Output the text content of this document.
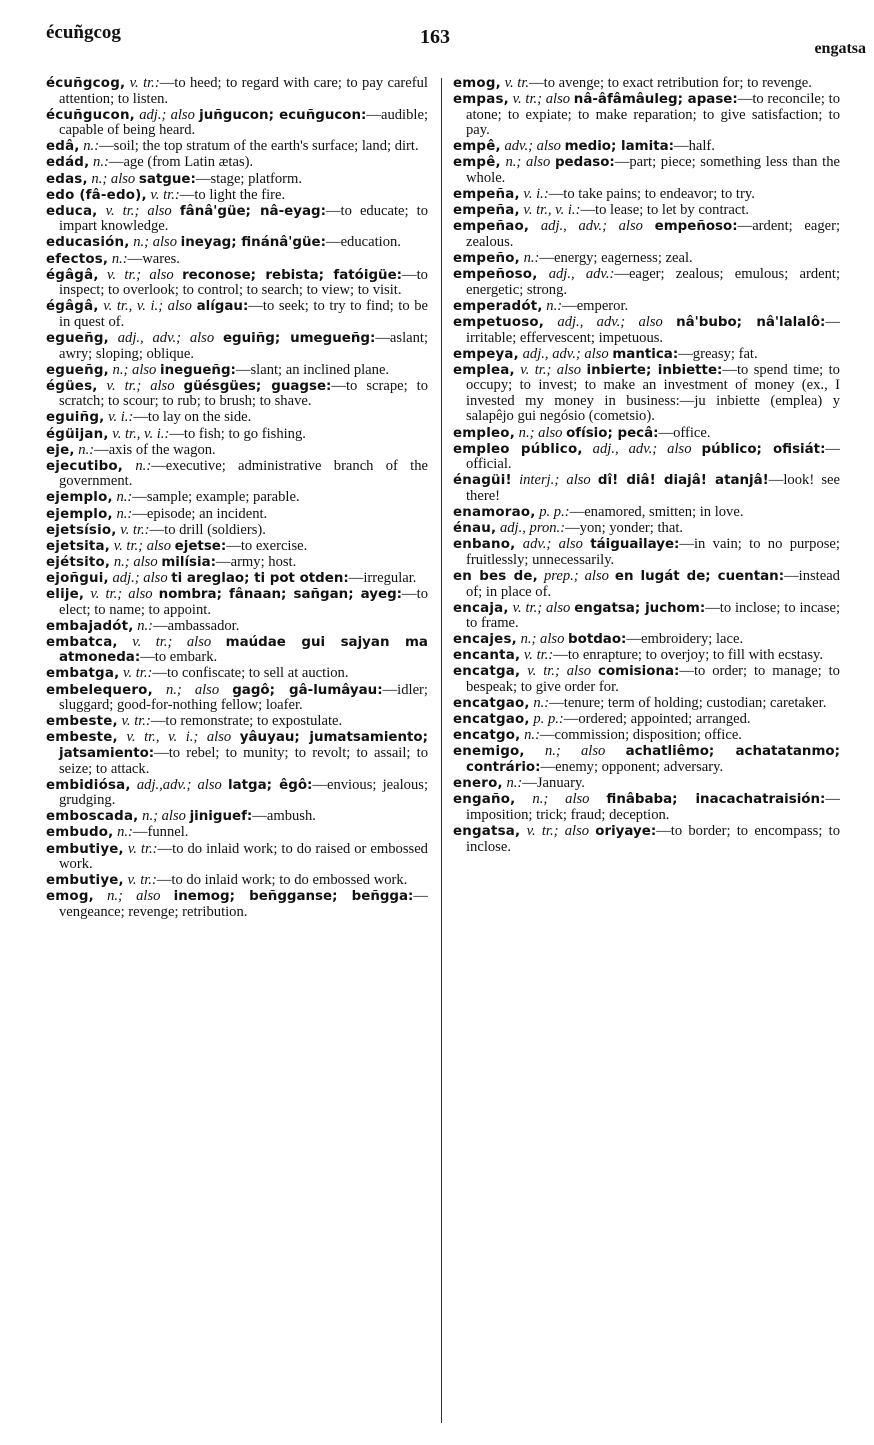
écuñgcog	163
engatsa

écuñgcog, v. tr.:—to heed; to regard with care; to pay careful attention; to listen.

écuñgucon, adj.; also juñgucon; ecuñgucon:—audible; capable of being heard.

edâ, n.:—soil; the top stratum of the earth's surface; land; dirt.

edád, n.:—age (from Latin ætas).

edas, n.; also satgue:—stage; platform.

edo (fâ-edo), v. tr.:—to light the fire.

educa, v. tr.; also fânâ'güe; nâ-eyag:—to educate; to impart knowledge.

educasión, n.; also ineyag; finánâ'güe:—education.

efectos, n.:—wares.

égâgâ, v. tr.; also reconose; rebista; fatóigüe:—to inspect; to overlook; to control; to search; to view; to visit.

égâgâ, v. tr., v. i.; also alígau:—to seek; to try to find; to be in quest of.

egueñg, adj., adv.; also eguiñg; umegueñg:—aslant; awry; sloping; oblique.

egueñg, n.; also inegueñg:—slant; an inclined plane.

égües, v. tr.; also güésgües; guagse:—to scrape; to scratch; to scour; to rub; to brush; to shave.

eguiñg, v. i.:—to lay on the side.

égüijan, v. tr., v. i.:—to fish; to go fishing.

eje, n.:—axis of the wagon.

ejecutibo, n.:—executive; administrative branch of the government.

ejemplo, n.:—sample; example; parable.

ejemplo, n.:—episode; an incident.

ejetsísio, v. tr.:—to drill (soldiers).

ejetsita, v. tr.; also ejetse:—to exercise.

ejétsito, n.; also milísia:—army; host.

ejoñgui, adj.; also ti areglao; ti pot otden:—irregular.

elije, v. tr.; also nombra; fânaan; sañgan; ayeg:—to elect; to name; to appoint.

embajadót, n.:—ambassador.

embatca, v. tr.; also maúdae gui sajyan ma atmoneda:—to embark.

embatga, v. tr.:—to confiscate; to sell at auction.

embelequero, n.; also gagô; gâ-lumâyau:—idler; sluggard; good-for-nothing fellow; loafer.

embeste, v. tr.:—to remonstrate; to expostulate.

embeste, v. tr., v. i.; also yâuyau; jumatsamiento; jatsamiento:—to rebel; to munity; to revolt; to assail; to seize; to attack.

embidiósa, adj.,adv.; also latga; êgô:—envious; jealous; grudging.

emboscada, n.; also jiniguef:—ambush.

embudo, n.:—funnel.

embutiye, v. tr.:—to do inlaid work; to do raised or embossed work.

embutiye, v. tr.:—to do inlaid work; to do embossed work.

emog, n.; also inemog; beñgganse; beñgga:—vengeance; revenge; retribution.

emog, v. tr.—to avenge; to exact retribution for; to revenge.

empas, v. tr.; also nâ-âfâmâuleg; apase:—to reconcile; to atone; to expiate; to make reparation; to give satisfaction; to pay.

empê, adv.; also medio; lamita:—half.

empê, n.; also pedaso:—part; piece; something less than the whole.

empeña, v. i.:—to take pains; to endeavor; to try.

empeña, v. tr., v. i.:—to lease; to let by contract.

empeñao, adj., adv.; also empeñoso:—ardent; eager; zealous.

empeño, n.:—energy; eagerness; zeal.

empeñoso, adj., adv.:—eager; zealous; emulous; ardent; energetic; strong.

emperadót, n.:—emperor.

empetuoso, adj., adv.; also nâ'bubo; nâ'lalalô:—irritable; effervescent; impetuous.

empeya, adj., adv.; also mantica:—greasy; fat.

emplea, v. tr.; also inbierte; inbiette:—to spend time; to occupy; to invest; to make an investment of money (ex., I invested my money in business:—ju inbiette (emplea) y salapêjo gui negósio (cometsio).

empleo, n.; also ofísio; pecâ:—office.

empleo público, adj., adv.; also público; ofisiát:—official.

énagüi! interj.; also dî! diâ! diajâ! atanjâ!—look! see there!

enamorao, p. p.:—enamored, smitten; in love.

énau, adj., pron.:—yon; yonder; that.

enbano, adv.; also táiguailaye:—in vain; to no purpose; fruitlessly; unnecessarily.

en bes de, prep.; also en lugát de; cuentan:—instead of; in place of.

encaja, v. tr.; also engatsa; juchom:—to inclose; to incase; to frame.

encajes, n.; also botdao:—embroidery; lace.

encanta, v. tr.:—to enrapture; to overjoy; to fill with ecstasy.

encatga, v. tr.; also comisiona:—to order; to manage; to bespeak; to give order for.

encatgao, n.:—tenure; term of holding; custodian; caretaker.

encatgao, p. p.:—ordered; appointed; arranged.

encatgo, n.:—commission; disposition; office.

enemigo, n.; also achatliêmo; achatatanmo; contrário:—enemy; opponent; adversary.

enero, n.:—January.

engaño, n.; also finâbaba; inacachatraisión:—imposition; trick; fraud; deception.

engatsa, v. tr.; also oriyaye:—to border; to encompass; to inclose.
